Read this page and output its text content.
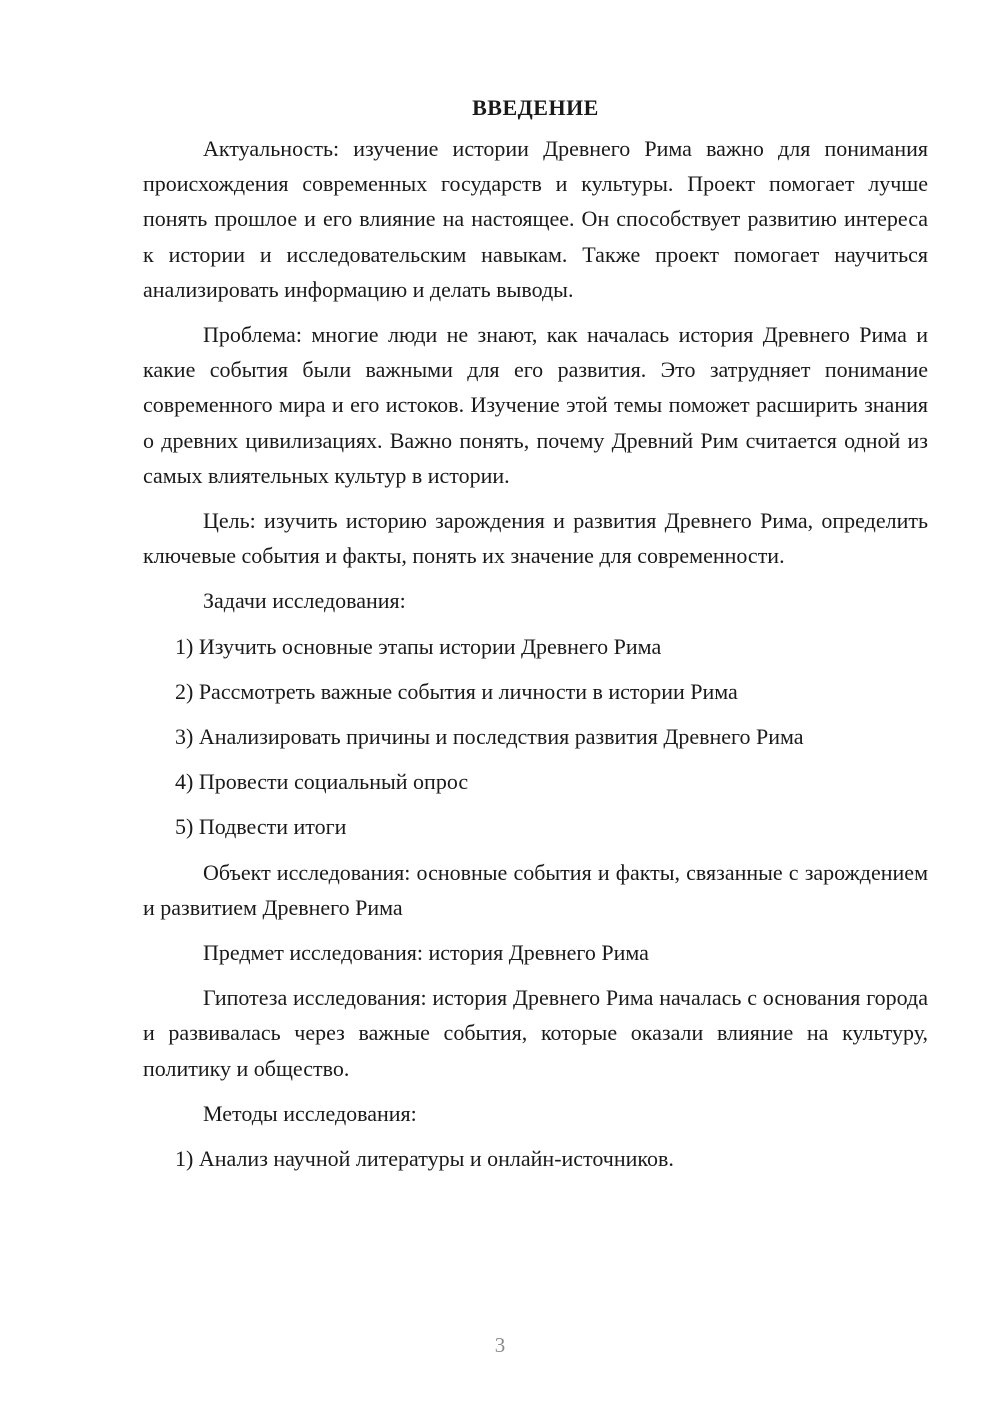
ВВЕДЕНИЕ

Актуальность: изучение истории Древнего Рима важно для понимания происхождения современных государств и культуры. Проект помогает лучше понять прошлое и его влияние на настоящее. Он способствует развитию интереса к истории и исследовательским навыкам. Также проект помогает научиться анализировать информацию и делать выводы.

Проблема: многие люди не знают, как началась история Древнего Рима и какие события были важными для его развития. Это затрудняет понимание современного мира и его истоков. Изучение этой темы поможет расширить знания о древних цивилизациях. Важно понять, почему Древний Рим считается одной из самых влиятельных культур в истории.

Цель: изучить историю зарождения и развития Древнего Рима, определить ключевые события и факты, понять их значение для современности.

Задачи исследования:
1) Изучить основные этапы истории Древнего Рима
2) Рассмотреть важные события и личности в истории Рима
3) Анализировать причины и последствия развития Древнего Рима
4) Провести социальный опрос
5) Подвести итоги

Объект исследования: основные события и факты, связанные с зарождением и развитием Древнего Рима

Предмет исследования: история Древнего Рима

Гипотеза исследования: история Древнего Рима началась с основания города и развивалась через важные события, которые оказали влияние на культуру, политику и общество.

Методы исследования:
1) Анализ научной литературы и онлайн-источников.
3
